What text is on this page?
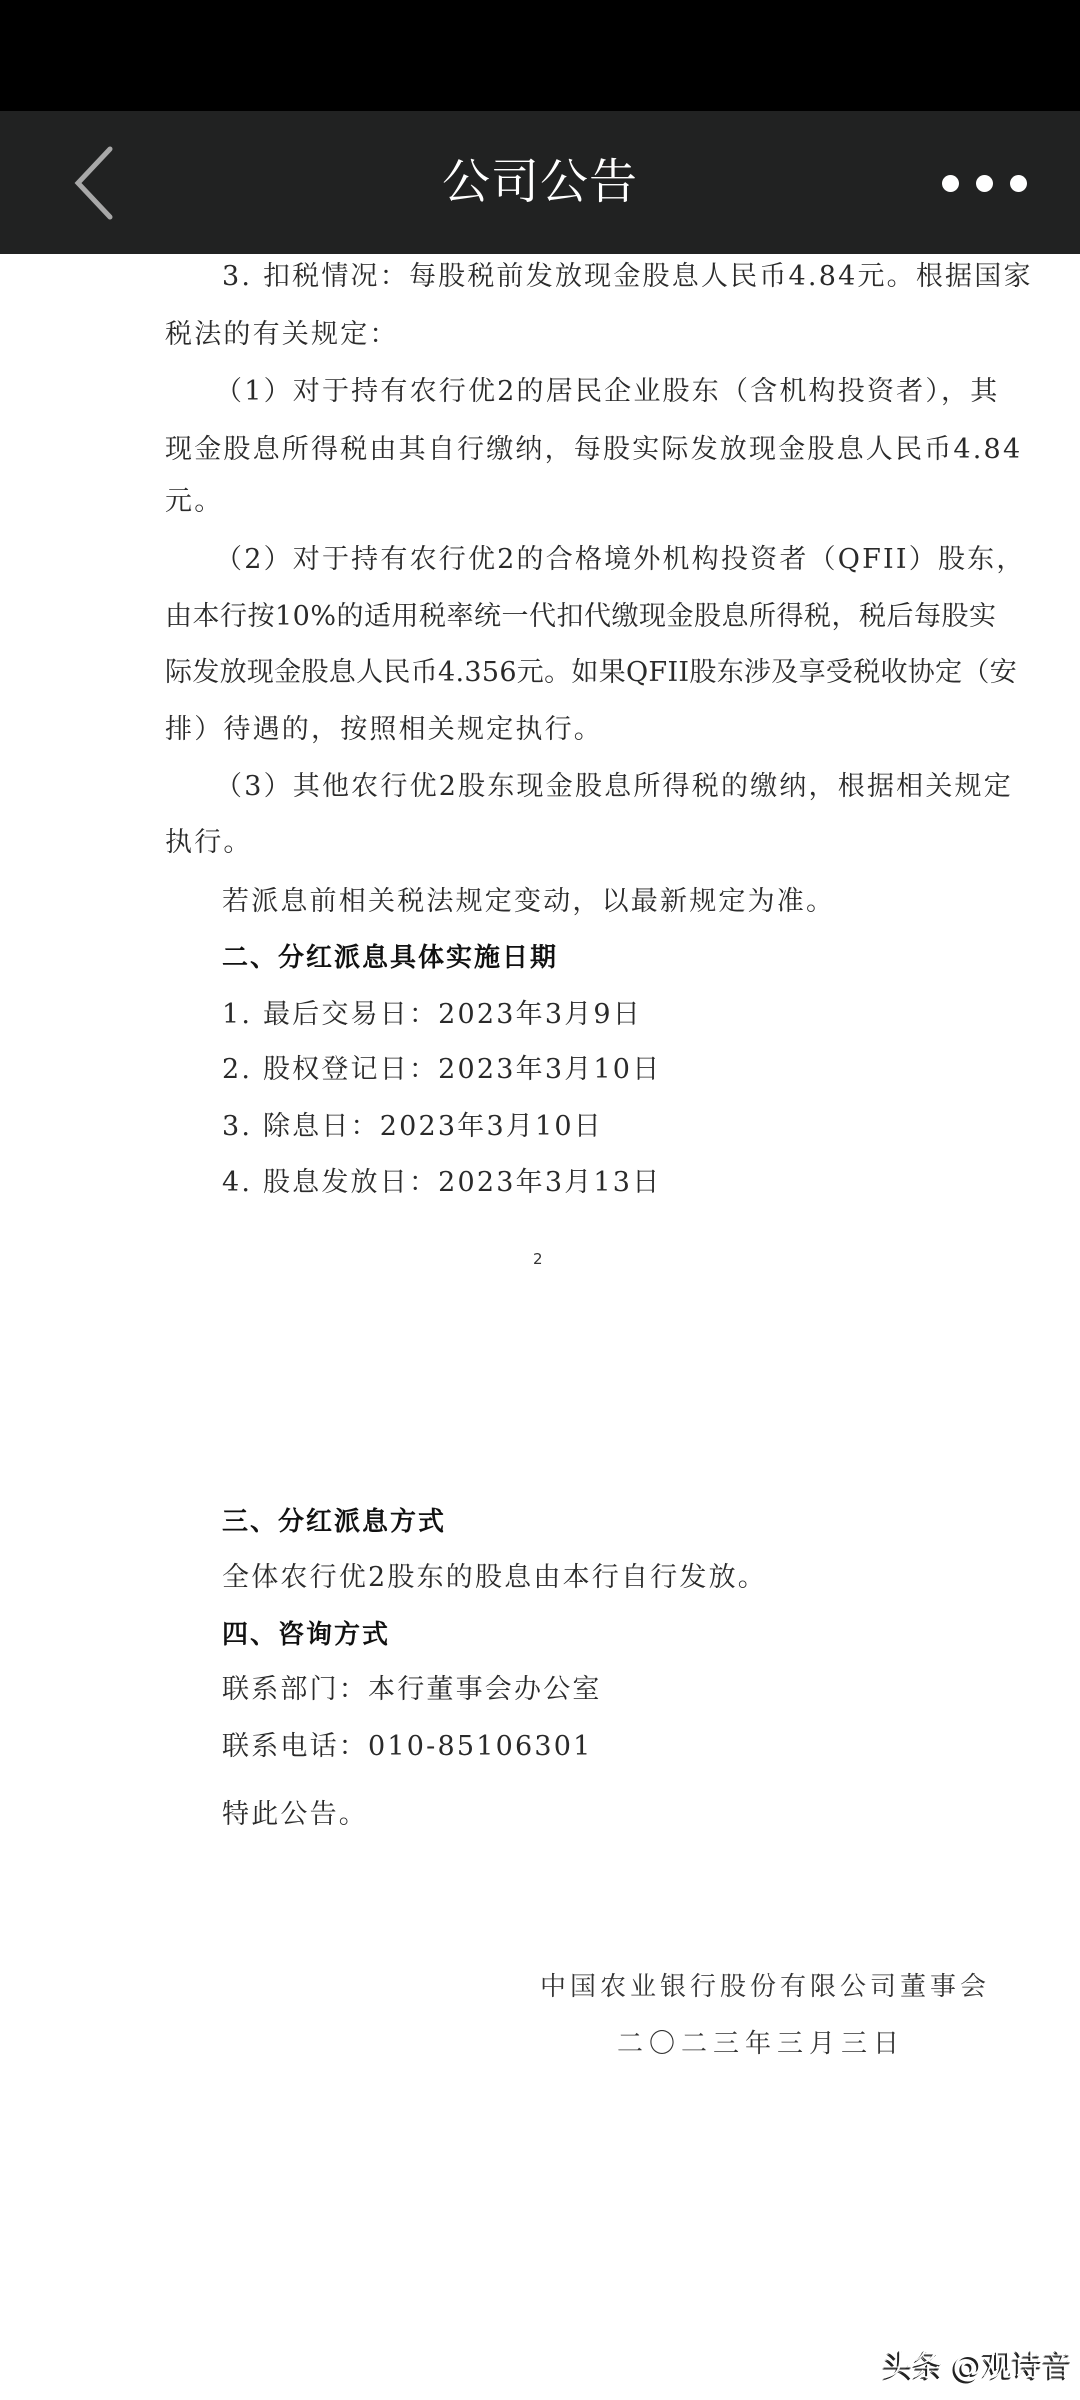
公司公告
3. 扣税情况：每股税前发放现金股息人民币4.84元。根据国家
税法的有关规定：
（1）对于持有农行优2的居民企业股东（含机构投资者），其
现金股息所得税由其自行缴纳，每股实际发放现金股息人民币4.84
元。
（2）对于持有农行优2的合格境外机构投资者（QFII）股东，
由本行按10%的适用税率统一代扣代缴现金股息所得税，税后每股实
际发放现金股息人民币4.356元。如果QFII股东涉及享受税收协定（安
排）待遇的，按照相关规定执行。
（3）其他农行优2股东现金股息所得税的缴纳，根据相关规定
执行。
若派息前相关税法规定变动，以最新规定为准。
二、分红派息具体实施日期
1. 最后交易日：2023年3月9日
2. 股权登记日：2023年3月10日
3. 除息日：2023年3月10日
4. 股息发放日：2023年3月13日
2
三、分红派息方式
全体农行优2股东的股息由本行自行发放。
四、咨询方式
联系部门：本行董事会办公室
联系电话：010-85106301
特此公告。
中国农业银行股份有限公司董事会
二〇二三年三月三日
头条 @观诗音
